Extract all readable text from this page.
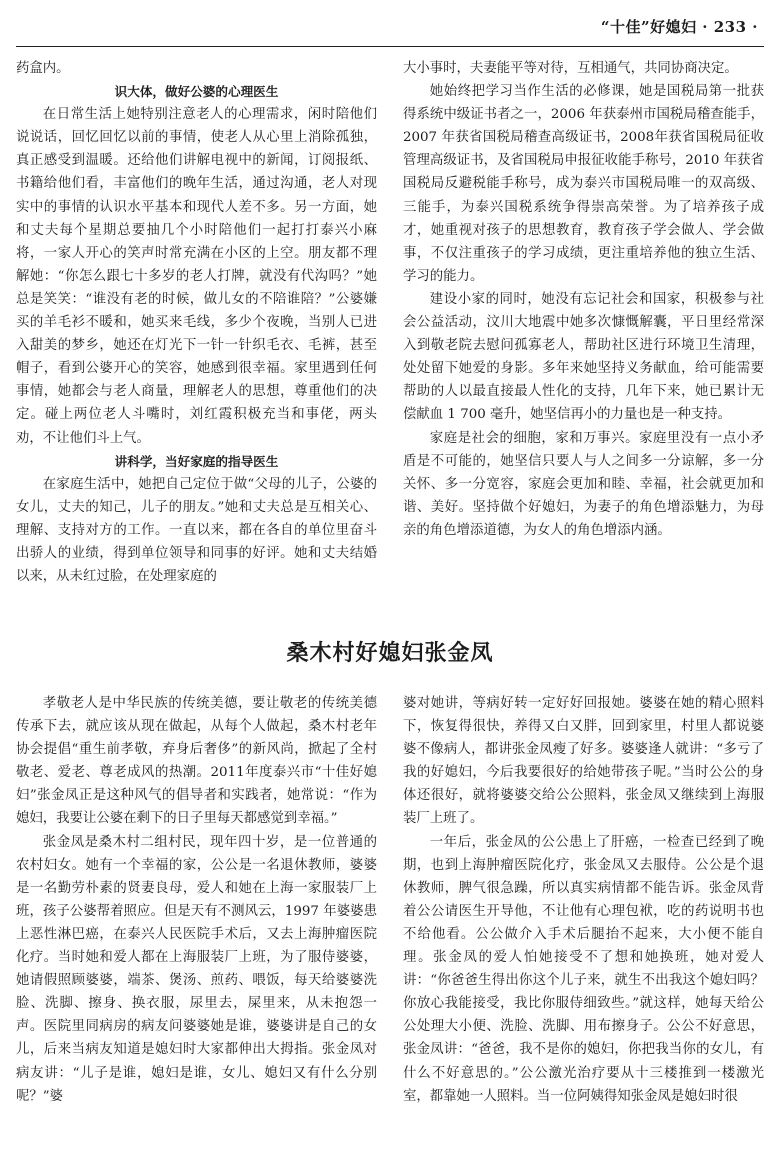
“十佳”好媳妇 · 233 ·

药盒内。

识大体，做好公婆的心理医生

在日常生活上她特别注意老人的心理需求，闲时陪他们说说话，回忆回忆以前的事情，使老人从心里上消除孤独，真正感受到温暖。还给他们讲解电视中的新闻，订阅报纸、书籍给他们看，丰富他们的晚年生活，通过沟通，老人对现实中的事情的认识水平基本和现代人差不多。另一方面，她和丈夫每个星期总要抽几个小时陪他们一起打打泰兴小麻将，一家人开心的笑声时常充满在小区的上空。朋友都不理解她：“你怎么跟七十多岁的老人打牌，就没有代沟吗？”她总是笑笑：“谁没有老的时候，做儿女的不陪谁陪？”公婆嫌买的羊毛衫不暖和，她买来毛线，多少个夜晚，当别人已进入甜美的梦乡，她还在灯光下一针一针织毛衣、毛裤，甚至帽子，看到公婆开心的笑容，她感到很幸福。家里遇到任何事情，她都会与老人商量，理解老人的思想，尊重他们的决定。碰上两位老人斗嘴时，刘红霞积极充当和事佬，两头劝，不让他们斗上气。

讲科学，当好家庭的指导医生

在家庭生活中，她把自己定位于做“父母的儿子，公婆的女儿，丈夫的知己，儿子的朋友。”她和丈夫总是互相关心、理解、支持对方的工作。一直以来，都在各自的单位里奋斗出骄人的业绩，得到单位领导和同事的好评。她和丈夫结婚以来，从未红过脸，在处理家庭的

大小事时，夫妻能平等对待，互相通气，共同协商决定。

她始终把学习当作生活的必修课，她是国税局第一批获得系统中级证书者之一，2006 年获泰州市国税局稽查能手，2007 年获省国税局稽查高级证书，2008年获省国税局征收管理高级证书，及省国税局申报征收能手称号，2010 年获省国税局反避税能手称号，成为泰兴市国税局唯一的双高级、三能手，为泰兴国税系统争得崇高荣誉。为了培养孩子成才，她重视对孩子的思想教育，教育孩子学会做人、学会做事，不仅注重孩子的学习成绩，更注重培养他的独立生活、学习的能力。

建设小家的同时，她没有忘记社会和国家，积极参与社会公益活动，汶川大地震中她多次慷慨解囊，平日里经常深入到敬老院去慰问孤寡老人，帮助社区进行环境卫生清理，处处留下她爱的身影。多年来她坚持义务献血，给可能需要帮助的人以最直接最人性化的支持，几年下来，她已累计无偿献血 1 700 毫升，她坚信再小的力量也是一种支持。

家庭是社会的细胞，家和万事兴。家庭里没有一点小矛盾是不可能的，她坚信只要人与人之间多一分谅解，多一分关怀、多一分宽容，家庭会更加和睦、幸福，社会就更加和谐、美好。坚持做个好媳妇，为妻子的角色增添魅力，为母亲的角色增添道德，为女人的角色增添内涵。

桑木村好媳妇张金凤

孝敬老人是中华民族的传统美德，要让敬老的传统美德传承下去，就应该从现在做起，从每个人做起，桑木村老年协会提倡“重生前孝敬，弃身后奢侈”的新风尚，掀起了全村敬老、爱老、尊老成风的热潮。2011年度泰兴市“十佳好媳妇”张金凤正是这种风气的倡导者和实践者，她常说：“作为媳妇，我要让公婆在剩下的日子里每天都感觉到幸福。”

张金凤是桑木村二组村民，现年四十岁，是一位普通的农村妇女。她有一个幸福的家，公公是一名退休教师，婆婆是一名勤劳朴素的贤妻良母，爱人和她在上海一家服装厂上班，孩子公婆帮着照应。但是天有不测风云，1997 年婆婆患上恶性淋巴癌，在泰兴人民医院手术后，又去上海肿瘤医院化疗。当时她和爱人都在上海服装厂上班，为了服侍婆婆，她请假照顾婆婆，端茶、煲汤、煎药、喂饭，每天给婆婆洗脸、洗脚、擦身、换衣服，尿里去，屎里来，从未抱怨一声。医院里同病房的病友问婆婆她是谁，婆婆讲是自己的女儿，后来当病友知道是媳妇时大家都伸出大拇指。张金凤对病友讲：“儿子是谁，媳妇是谁，女儿、媳妇又有什么分别呢？”婆

婆对她讲，等病好转一定好好回报她。婆婆在她的精心照料下，恢复得很快，养得又白又胖，回到家里，村里人都说婆婆不像病人，都讲张金凤瘦了好多。婆婆逢人就讲：“多亏了我的好媳妇，今后我要很好的给她带孩子呢。”当时公公的身体还很好，就将婆婆交给公公照料，张金凤又继续到上海服装厂上班了。

一年后，张金凤的公公患上了肝癌，一检查已经到了晚期，也到上海肿瘤医院化疗，张金凤又去服侍。公公是个退休教师，脾气很急躁，所以真实病情都不能告诉。张金凤背着公公请医生开导他，不让他有心理包袱，吃的药说明书也不给他看。公公做介入手术后腿抬不起来，大小便不能自理。张金凤的爱人怕她接受不了想和她换班，她对爱人讲：“你爸爸生得出你这个儿子来，就生不出我这个媳妇吗？你放心我能接受，我比你服侍细致些。”就这样，她每天给公公处理大小便、洗脸、洗脚、用布擦身子。公公不好意思，张金凤讲：“爸爸，我不是你的媳妇，你把我当你的女儿，有什么不好意思的。”公公激光治疗要从十三楼推到一楼激光室，都靠她一人照料。当一位阿姨得知张金凤是媳妇时很
